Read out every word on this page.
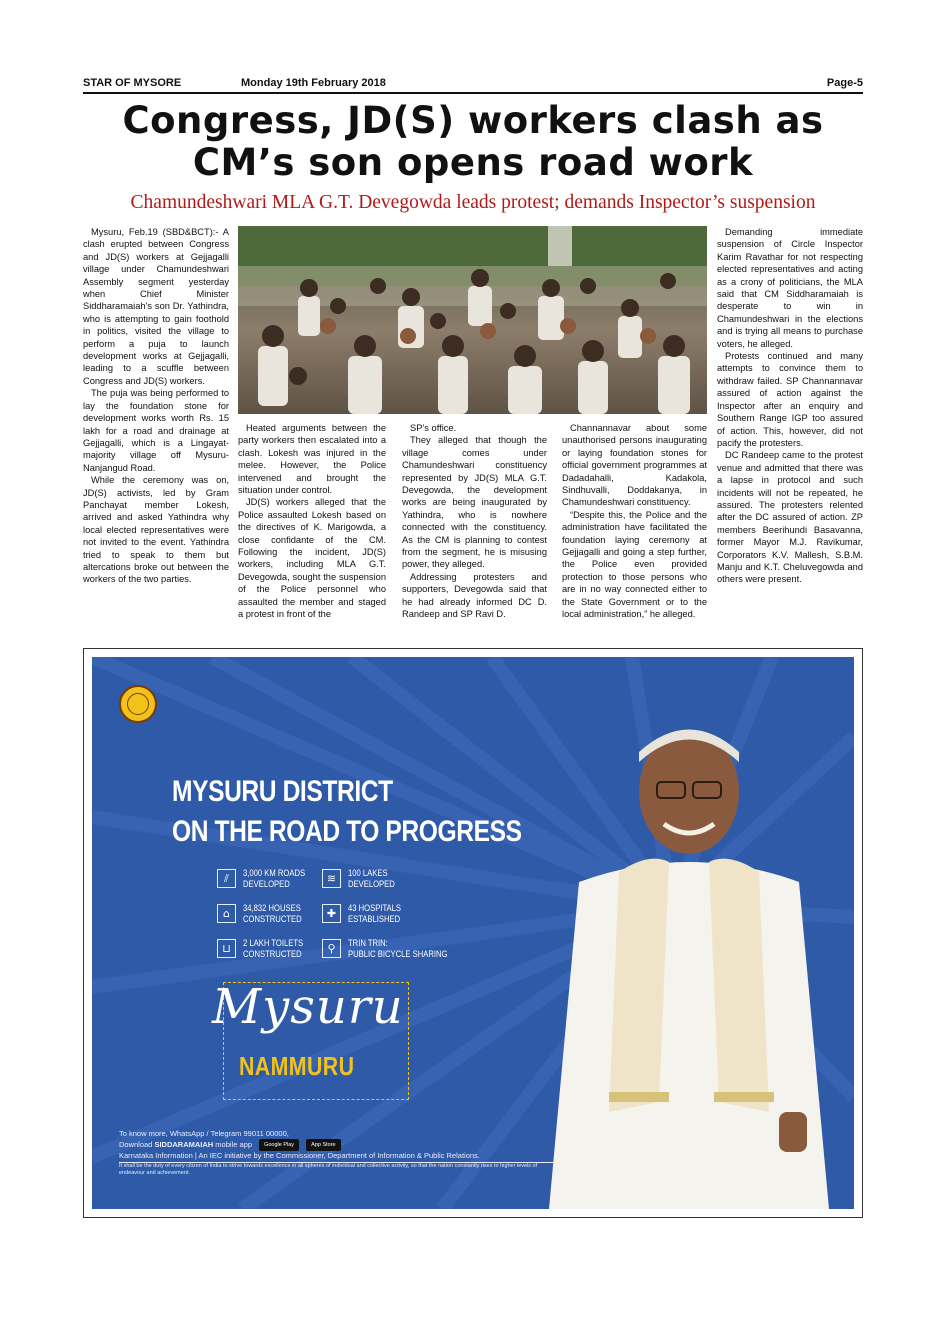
STAR OF MYSORE	Monday 19th February 2018	Page-5
Congress, JD(S) workers clash as
CM’s son opens road work
Chamundeshwari MLA G.T. Devegowda leads protest; demands Inspector’s suspension

Mysuru, Feb.19 (SBD&BCT):- A clash erupted between Congress and JD(S) workers at Gejjagalli village under Chamundeshwari Assembly segment yesterday when Chief Minister Siddharamaiah’s son Dr. Yathindra, who is attempting to gain foothold in politics, visited the village to perform a puja to launch development works at Gejjagalli, leading to a scuffle between Congress and JD(S) workers.

The puja was being performed to lay the foundation stone for development works worth Rs. 15 lakh for a road and drainage at Gejjagalli, which is a Lingayat-majority village off Mysuru-Nanjangud Road.

While the ceremony was on, JD(S) activists, led by Gram Panchayat member Lokesh, arrived and asked Yathindra why local elected representatives were not invited to the event. Yathindra tried to speak to them but altercations broke out between the workers of the two parties.

Heated arguments between the party workers then escalated into a clash. Lokesh was injured in the melee. However, the Police intervened and brought the situation under control.

JD(S) workers alleged that the Police assaulted Lokesh based on the directives of K. Marigowda, a close confidante of the CM. Following the incident, JD(S) workers, including MLA G.T. Devegowda, sought the suspension of the Police personnel who assaulted the member and staged a protest in front of the

SP’s office.

They alleged that though the village comes under Chamundeshwari constituency represented by JD(S) MLA G.T. Devegowda, the development works are being inaugurated by Yathindra, who is nowhere connected with the constituency. As the CM is planning to contest from the segment, he is misusing power, they alleged.

Addressing protesters and supporters, Devegowda said that he had already informed DC D. Randeep and SP Ravi D.

Channannavar about some unauthorised persons inaugurating or laying foundation stones for official government programmes at Dadadahalli, Kadakola, Sindhuvalli, Doddakanya, in Chamundeshwari constituency.

“Despite this, the Police and the administration have facilitated the foundation laying ceremony at Gejjagalli and going a step further, the Police even provided protection to those persons who are in no way connected either to the State Government or to the local administration,” he alleged.

Demanding immediate suspension of Circle Inspector Karim Ravathar for not respecting elected representatives and acting as a crony of politicians, the MLA said that CM Siddharamaiah is desperate to win in Chamundeshwari in the elections and is trying all means to purchase voters, he alleged.

Protests continued and many attempts to convince them to withdraw failed. SP Channannavar assured of action against the Inspector after an enquiry and Southern Range IGP too assured of action. This, however, did not pacify the protesters.

DC Randeep came to the protest venue and admitted that there was a lapse in protocol and such incidents will not be repeated, he assured. The protesters relented after the DC assured of action. ZP members Beerihundi Basavanna, former Mayor M.J. Ravikumar, Corporators K.V. Mallesh, S.B.M. Manju and K.T. Cheluvegowda and others were present.

MYSURU DISTRICT
ON THE ROAD TO PROGRESS
⫽	3,000 KM ROADS
DEVELOPED	≋	100 LAKES
DEVELOPED
⌂	34,832 HOUSES
CONSTRUCTED	✚	43 HOSPITALS
ESTABLISHED
⊔	2 LAKH TOILETS
CONSTRUCTED	⚲	TRIN TRIN:
PUBLIC BICYCLE SHARING
Mysuru
NAMMURU
To know more, WhatsApp / Telegram 99011 00000,
Download SIDDARAMAIAH mobile app Google Play	App Store
Karnataka Information | An IEC initiative by the Commissioner, Department of Information & Public Relations.
It shall be the duty of every citizen of India to strive towards excellence in all spheres of individual and collective activity, so that the nation constantly rises to higher levels of endeavour and achievement.
